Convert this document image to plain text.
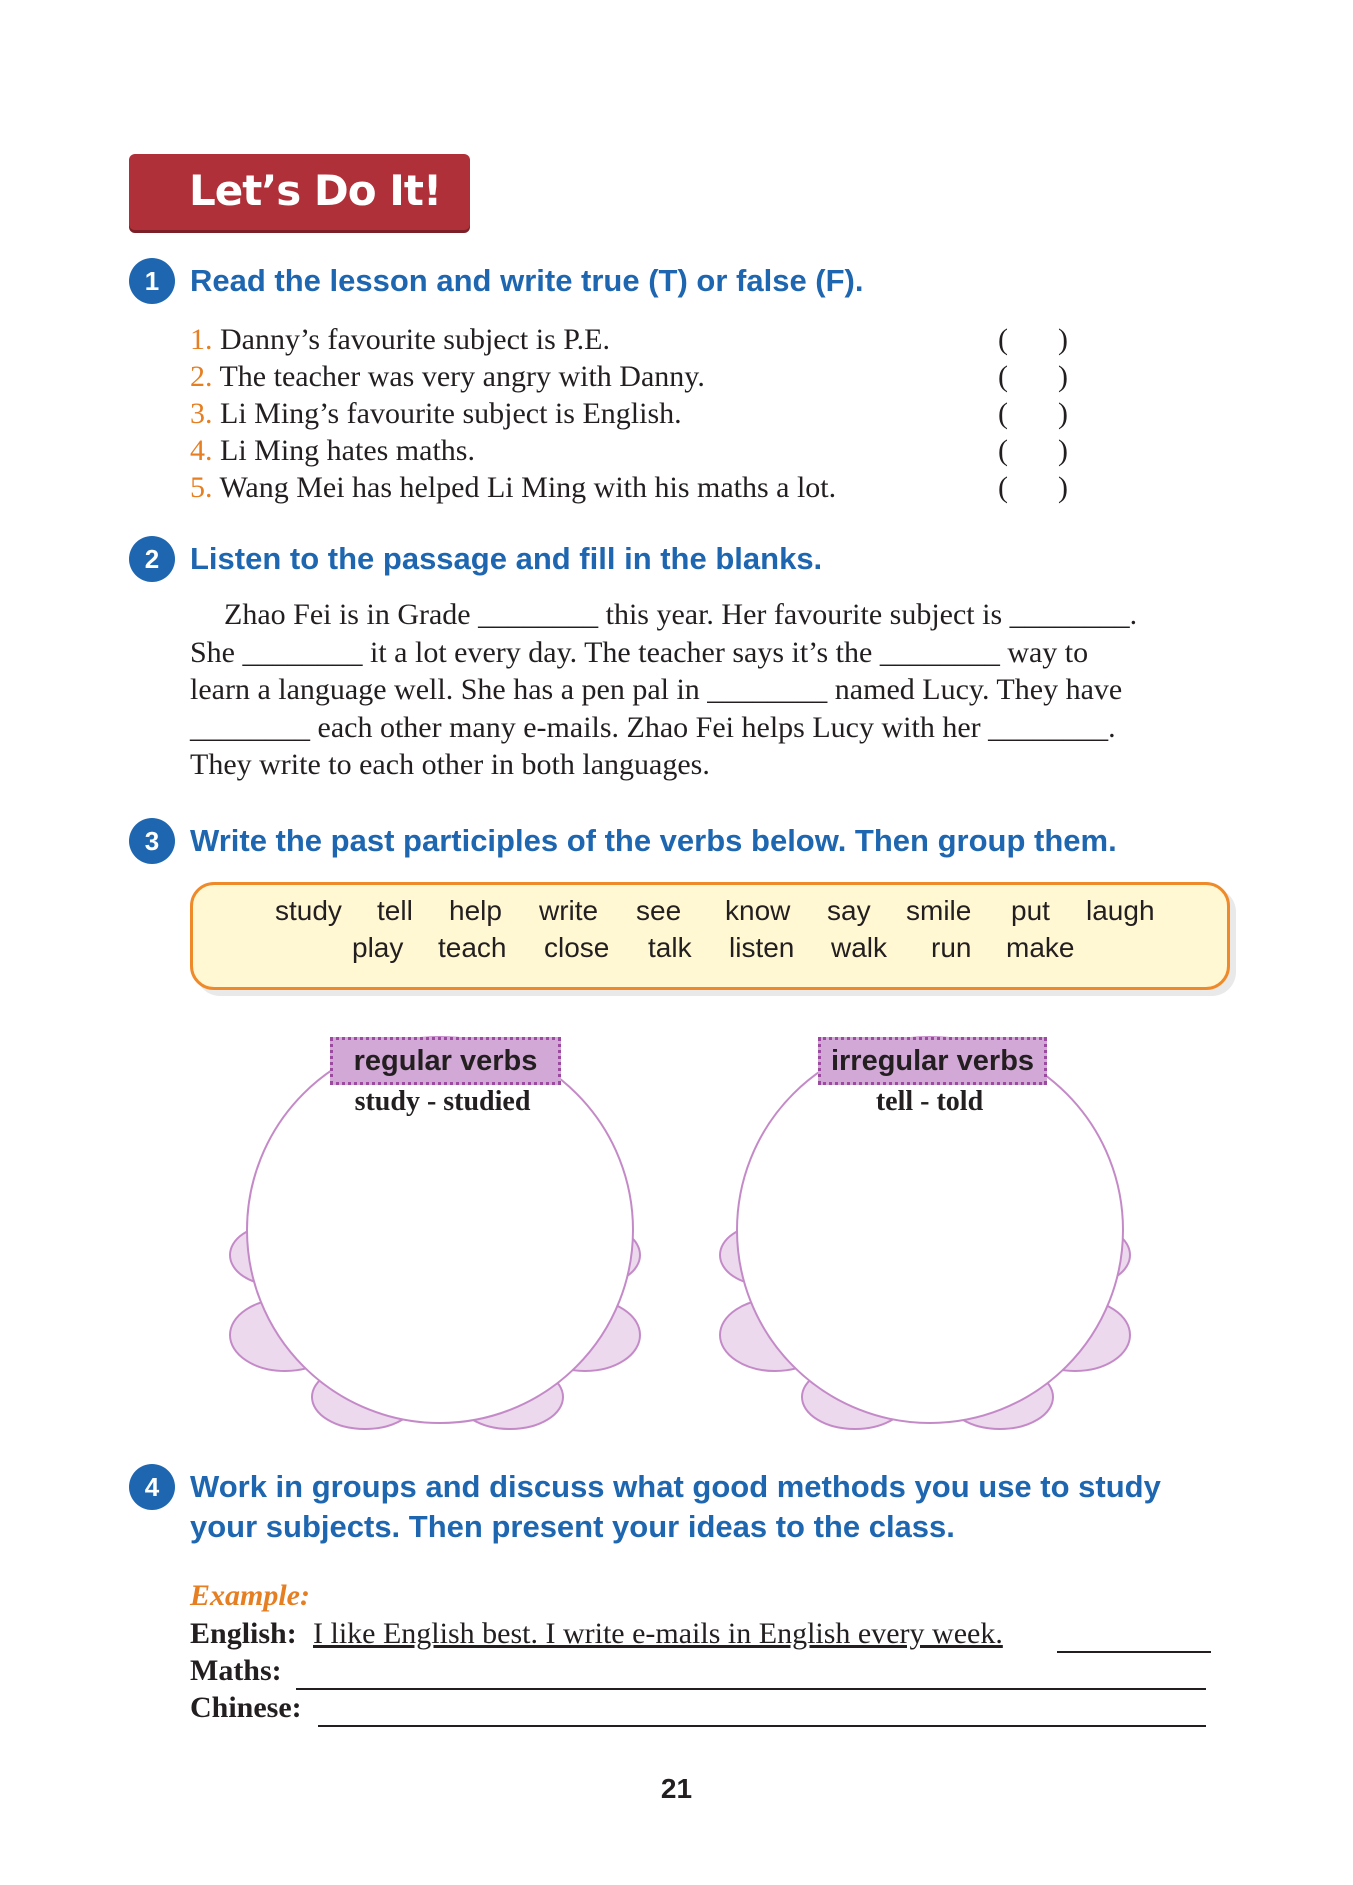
Let’s Do It!
1 Read the lesson and write true (T) or false (F).
1. Danny’s favourite subject is P.E.	( )
2. The teacher was very angry with Danny.	( )
3. Li Ming’s favourite subject is English.	( )
4. Li Ming hates maths.	( )
5. Wang Mei has helped Li Ming with his maths a lot.	( )
2 Listen to the passage and fill in the blanks.
Zhao Fei is in Grade ________ this year. Her favourite subject is ________.
She ________ it a lot every day. The teacher says it’s the ________ way to
learn a language well. She has a pen pal in ________ named Lucy. They have
________ each other many e-mails. Zhao Fei helps Lucy with her ________.
They write to each other in both languages.
3 Write the past participles of the verbs below. Then group them.
study tell help write see know say smile put laugh
play teach close talk listen walk run make
regular verbs	irregular verbs
study - studied	tell - told
4 Work in groups and discuss what good methods you use to study
your subjects. Then present your ideas to the class.
Example:
English: I like English best. I write e-mails in English every week.
Maths:
Chinese:
21
